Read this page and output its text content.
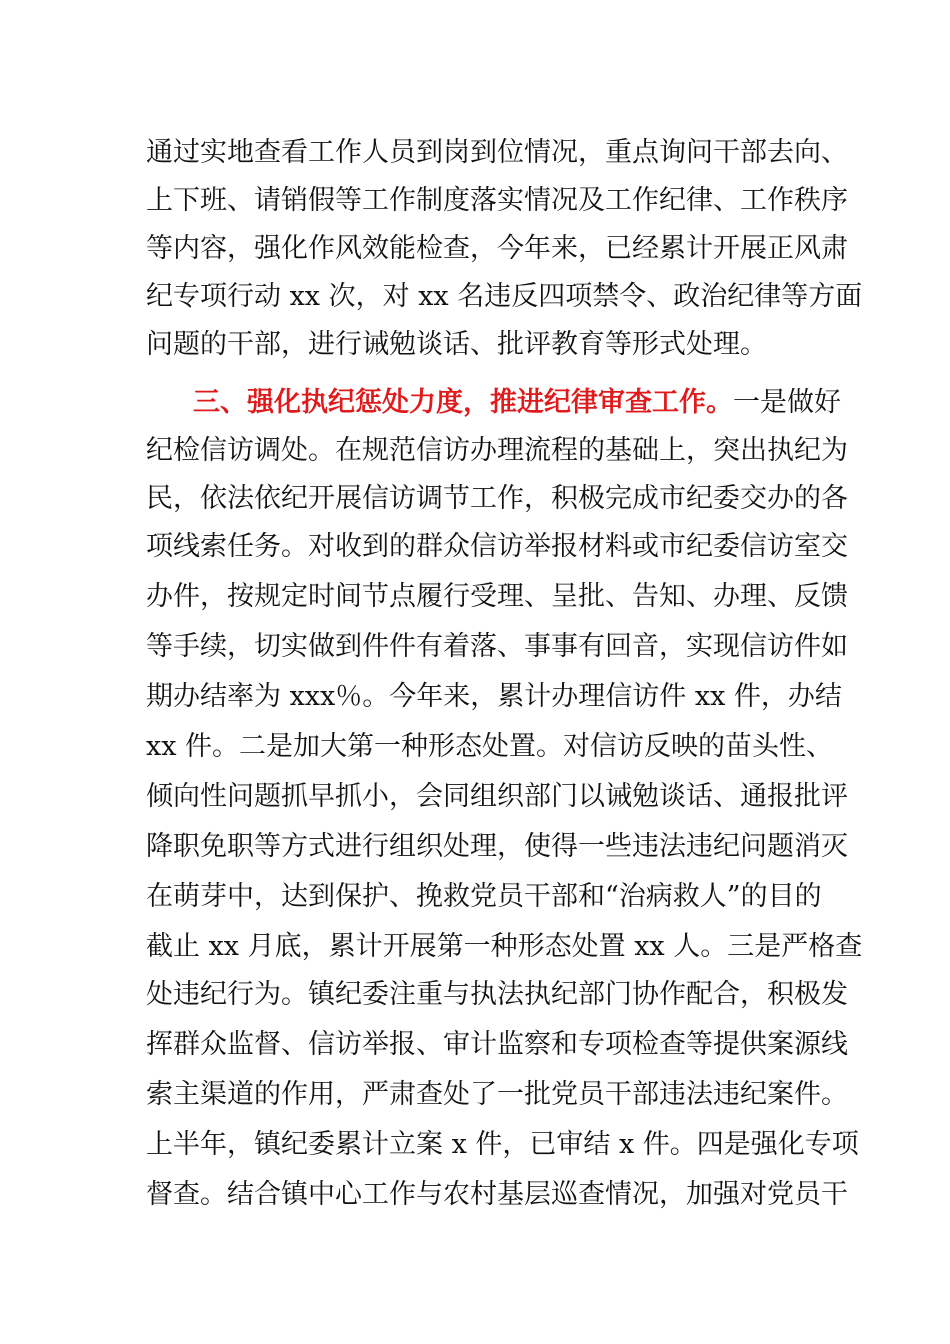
通过实地查看工作人员到岗到位情况，重点询问干部去向、
上下班、请销假等工作制度落实情况及工作纪律、工作秩序
等内容，强化作风效能检查，今年来，已经累计开展正风肃
纪专项行动 xx 次，对 xx 名违反四项禁令、政治纪律等方面
问题的干部，进行诫勉谈话、批评教育等形式处理。
三、强化执纪惩处力度，推进纪律审查工作。一是做好
纪检信访调处。在规范信访办理流程的基础上，突出执纪为
民，依法依纪开展信访调节工作，积极完成市纪委交办的各
项线索任务。对收到的群众信访举报材料或市纪委信访室交
办件，按规定时间节点履行受理、呈批、告知、办理、反馈
等手续，切实做到件件有着落、事事有回音，实现信访件如
期办结率为 xxx％。今年来，累计办理信访件 xx 件，办结
xx 件。二是加大第一种形态处置。对信访反映的苗头性、
倾向性问题抓早抓小，会同组织部门以诫勉谈话、通报批评
降职免职等方式进行组织处理，使得一些违法违纪问题消灭
在萌芽中，达到保护、挽救党员干部和“治病救人”的目的
截止 xx 月底，累计开展第一种形态处置 xx 人。三是严格查
处违纪行为。镇纪委注重与执法执纪部门协作配合，积极发
挥群众监督、信访举报、审计监察和专项检查等提供案源线
索主渠道的作用，严肃查处了一批党员干部违法违纪案件。
上半年，镇纪委累计立案 x 件，已审结 x 件。四是强化专项
督查。结合镇中心工作与农村基层巡查情况，加强对党员干
